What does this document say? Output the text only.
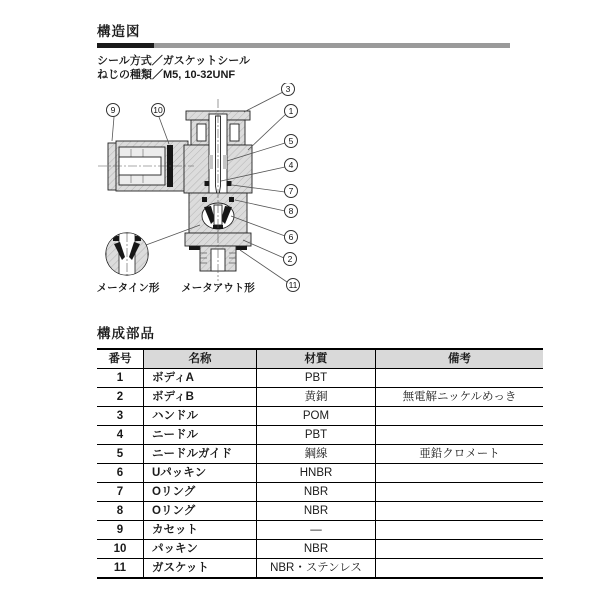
構造図
シール方式／ガスケットシール
ねじの種類／M5, 10-32UNF
9	10
3
1
5
4
7
8
6
2
11
メータイン形 メータアウト形
構成部品
番号	名称	材質	備考
1	ボディA	PBT	
2	ボディB	黄銅	無電解ニッケルめっき
3	ハンドル	POM	
4	ニードル	PBT	
5	ニードルガイド	鋼線	亜鉛クロメート
6	Uパッキン	HNBR	
7	Oリング	NBR	
8	Oリング	NBR	
9	カセット	—	
10	パッキン	NBR	
11	ガスケット	NBR・ステンレス	
